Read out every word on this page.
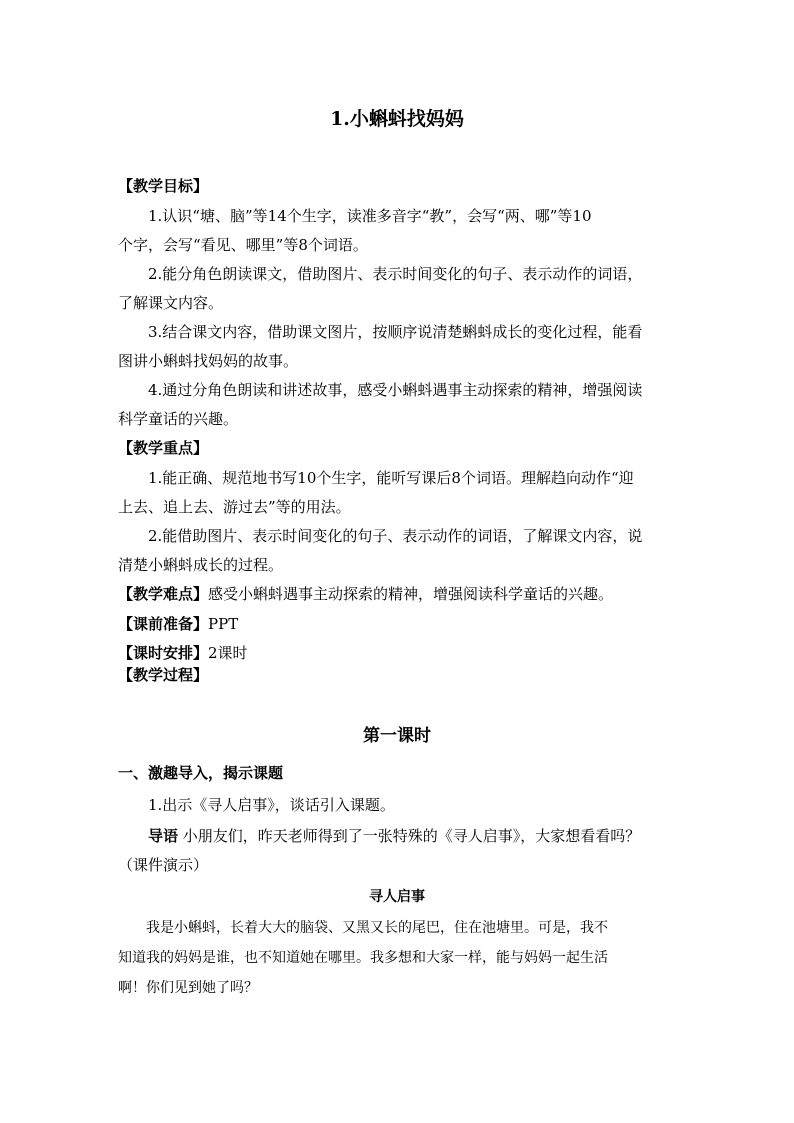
1.小蝌蚪找妈妈
【教学目标】
1.认识“塘、脑”等14个生字，读准多音字“教”，会写“两、哪”等10
个字，会写“看见、哪里”等8个词语。
2.能分角色朗读课文，借助图片、表示时间变化的句子、表示动作的词语，
了解课文内容。
3.结合课文内容，借助课文图片，按顺序说清楚蝌蚪成长的变化过程，能看
图讲小蝌蚪找妈妈的故事。
4.通过分角色朗读和讲述故事，感受小蝌蚪遇事主动探索的精神，增强阅读
科学童话的兴趣。
【教学重点】
1.能正确、规范地书写10个生字，能听写课后8个词语。理解趋向动作“迎
上去、追上去、游过去”等的用法。
2.能借助图片、表示时间变化的句子、表示动作的词语，了解课文内容，说
清楚小蝌蚪成长的过程。
【教学难点】感受小蝌蚪遇事主动探索的精神，增强阅读科学童话的兴趣。
【课前准备】PPT
【课时安排】2课时
【教学过程】
第一课时
一、激趣导入，揭示课题
1.出示《寻人启事》，谈话引入课题。
导语 小朋友们，昨天老师得到了一张特殊的《寻人启事》，大家想看看吗？
（课件演示）
寻人启事
我是小蝌蚪，长着大大的脑袋、又黑又长的尾巴，住在池塘里。可是，我不
知道我的妈妈是谁，也不知道她在哪里。我多想和大家一样，能与妈妈一起生活
啊！你们见到她了吗？
